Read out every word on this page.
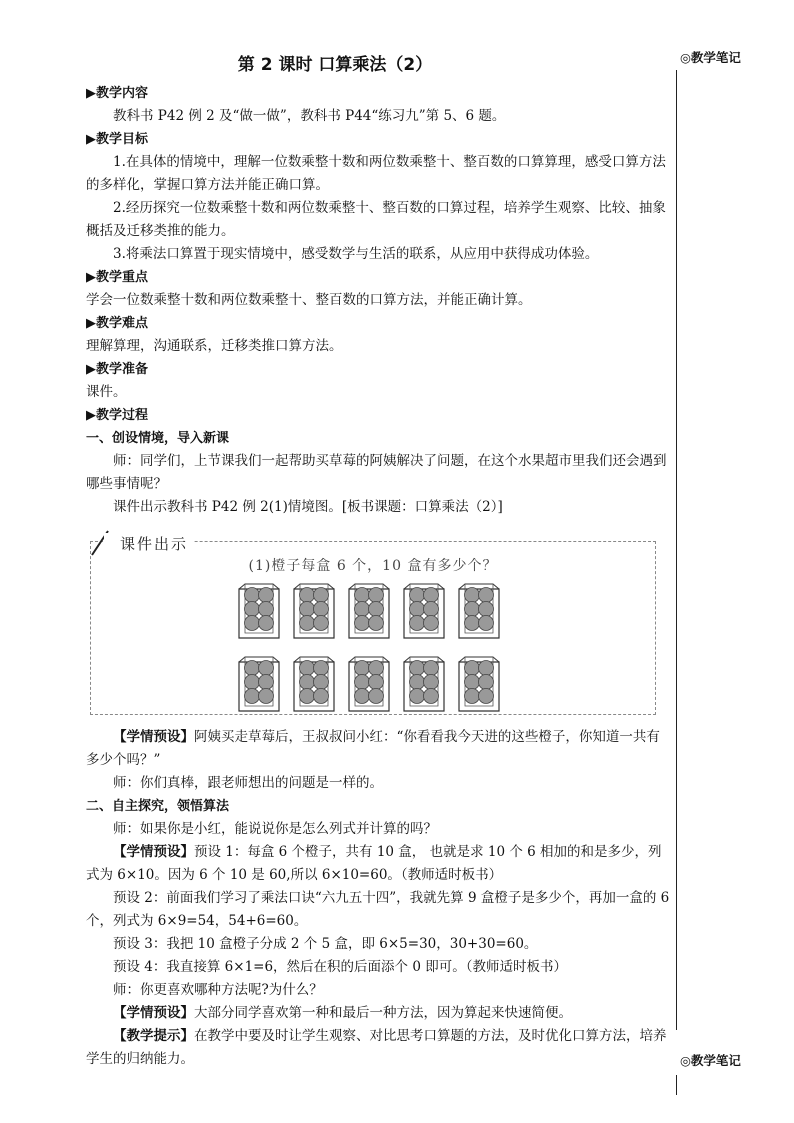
第 2 课时 口算乘法（2）	◎教学笔记
◎教学笔记

▶教学内容

教科书 P42 例 2 及“做一做”，教科书 P44“练习九”第 5、6 题。

▶教学目标

1.在具体的情境中，理解一位数乘整十数和两位数乘整十、整百数的口算算理，感受口算方法的多样化，掌握口算方法并能正确口算。

2.经历探究一位数乘整十数和两位数乘整十、整百数的口算过程，培养学生观察、比较、抽象概括及迁移类推的能力。

3.将乘法口算置于现实情境中，感受数学与生活的联系，从应用中获得成功体验。

▶教学重点

学会一位数乘整十数和两位数乘整十、整百数的口算方法，并能正确计算。

▶教学难点

理解算理，沟通联系，迁移类推口算方法。

▶教学准备

课件。

▶教学过程

一、创设情境，导入新课

师：同学们，上节课我们一起帮助买草莓的阿姨解决了问题，在这个水果超市里我们还会遇到哪些事情呢？

课件出示教科书 P42 例 2(1)情境图。[板书课题：口算乘法（2）]

课件出示
(1)橙子每盒 6 个，10 盒有多少个？

【学情预设】阿姨买走草莓后，王叔叔问小红：“你看看我今天进的这些橙子，你知道一共有多少个吗？”

师：你们真棒，跟老师想出的问题是一样的。

二、自主探究，领悟算法

师：如果你是小红，能说说你是怎么列式并计算的吗？

【学情预设】预设 1：每盒 6 个橙子，共有 10 盒， 也就是求 10 个 6 相加的和是多少，列式为 6×10。因为 6 个 10 是 60,所以 6×10=60。（教师适时板书）

预设 2：前面我们学习了乘法口诀“六九五十四”，我就先算 9 盒橙子是多少个，再加一盒的 6 个，列式为 6×9=54，54+6=60。

预设 3：我把 10 盒橙子分成 2 个 5 盒，即 6×5=30，30+30=60。

预设 4：我直接算 6×1=6，然后在积的后面添个 0 即可。（教师适时板书）

师：你更喜欢哪种方法呢?为什么？

【学情预设】大部分同学喜欢第一种和最后一种方法，因为算起来快速简便。

【教学提示】在教学中要及时让学生观察、对比思考口算题的方法，及时优化口算方法，培养学生的归纳能力。
